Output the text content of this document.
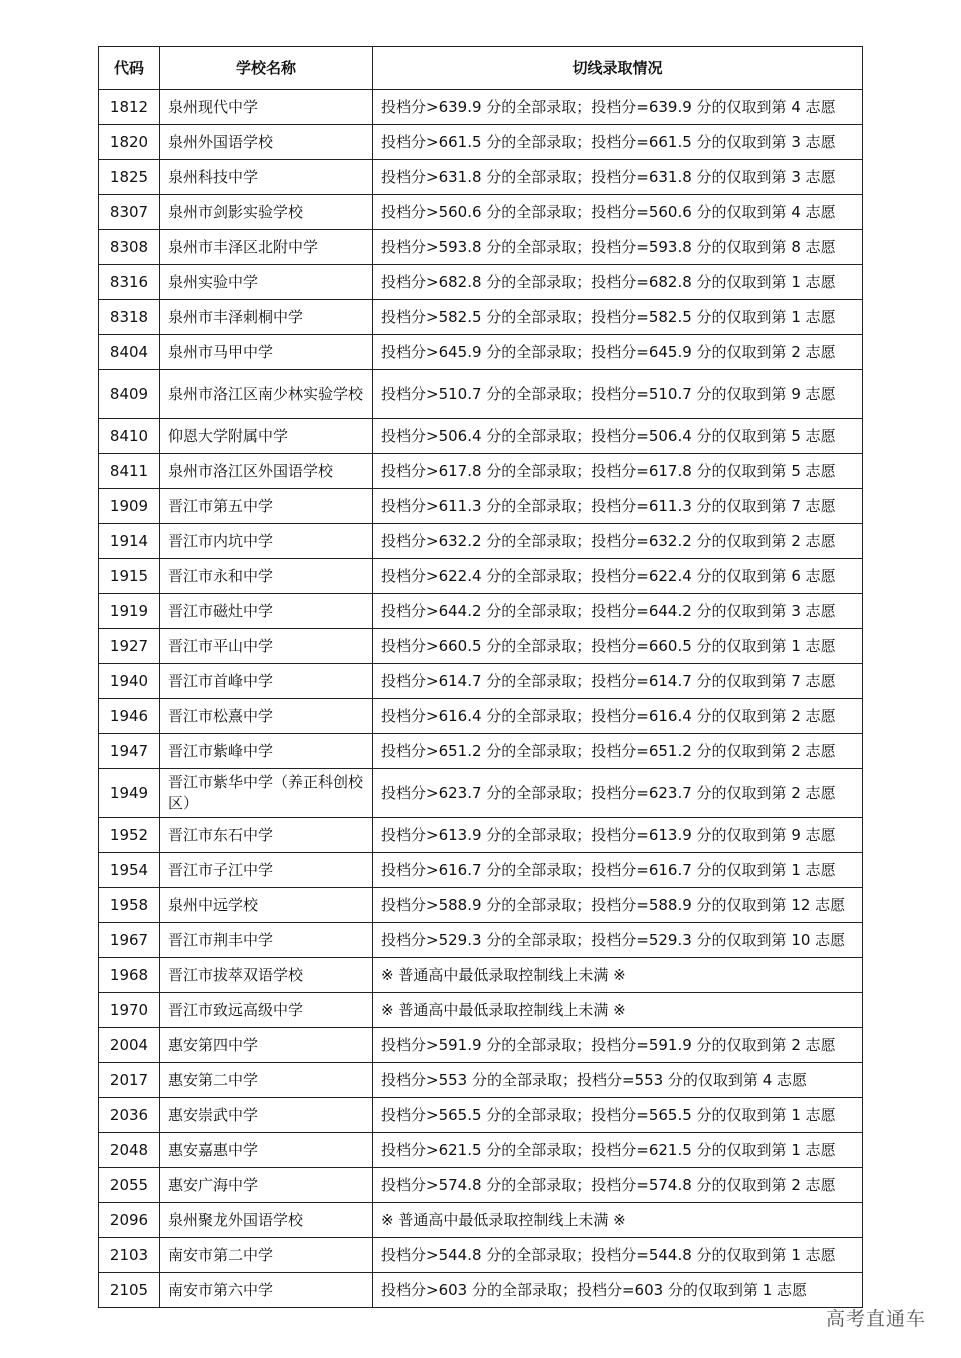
代码	学校名称	切线录取情况
1812	泉州现代中学	投档分>639.9 分的全部录取；投档分=639.9 分的仅取到第 4 志愿
1820	泉州外国语学校	投档分>661.5 分的全部录取；投档分=661.5 分的仅取到第 3 志愿
1825	泉州科技中学	投档分>631.8 分的全部录取；投档分=631.8 分的仅取到第 3 志愿
8307	泉州市剑影实验学校	投档分>560.6 分的全部录取；投档分=560.6 分的仅取到第 4 志愿
8308	泉州市丰泽区北附中学	投档分>593.8 分的全部录取；投档分=593.8 分的仅取到第 8 志愿
8316	泉州实验中学	投档分>682.8 分的全部录取；投档分=682.8 分的仅取到第 1 志愿
8318	泉州市丰泽刺桐中学	投档分>582.5 分的全部录取；投档分=582.5 分的仅取到第 1 志愿
8404	泉州市马甲中学	投档分>645.9 分的全部录取；投档分=645.9 分的仅取到第 2 志愿
8409	泉州市洛江区南少林实验学校	投档分>510.7 分的全部录取；投档分=510.7 分的仅取到第 9 志愿
8410	仰恩大学附属中学	投档分>506.4 分的全部录取；投档分=506.4 分的仅取到第 5 志愿
8411	泉州市洛江区外国语学校	投档分>617.8 分的全部录取；投档分=617.8 分的仅取到第 5 志愿
1909	晋江市第五中学	投档分>611.3 分的全部录取；投档分=611.3 分的仅取到第 7 志愿
1914	晋江市内坑中学	投档分>632.2 分的全部录取；投档分=632.2 分的仅取到第 2 志愿
1915	晋江市永和中学	投档分>622.4 分的全部录取；投档分=622.4 分的仅取到第 6 志愿
1919	晋江市磁灶中学	投档分>644.2 分的全部录取；投档分=644.2 分的仅取到第 3 志愿
1927	晋江市平山中学	投档分>660.5 分的全部录取；投档分=660.5 分的仅取到第 1 志愿
1940	晋江市首峰中学	投档分>614.7 分的全部录取；投档分=614.7 分的仅取到第 7 志愿
1946	晋江市松熹中学	投档分>616.4 分的全部录取；投档分=616.4 分的仅取到第 2 志愿
1947	晋江市紫峰中学	投档分>651.2 分的全部录取；投档分=651.2 分的仅取到第 2 志愿
1949	晋江市紫华中学（养正科创校区）	投档分>623.7 分的全部录取；投档分=623.7 分的仅取到第 2 志愿
1952	晋江市东石中学	投档分>613.9 分的全部录取；投档分=613.9 分的仅取到第 9 志愿
1954	晋江市子江中学	投档分>616.7 分的全部录取；投档分=616.7 分的仅取到第 1 志愿
1958	泉州中远学校	投档分>588.9 分的全部录取；投档分=588.9 分的仅取到第 12 志愿
1967	晋江市荆丰中学	投档分>529.3 分的全部录取；投档分=529.3 分的仅取到第 10 志愿
1968	晋江市拔萃双语学校	※ 普通高中最低录取控制线上未满 ※
1970	晋江市致远高级中学	※ 普通高中最低录取控制线上未满 ※
2004	惠安第四中学	投档分>591.9 分的全部录取；投档分=591.9 分的仅取到第 2 志愿
2017	惠安第二中学	投档分>553 分的全部录取；投档分=553 分的仅取到第 4 志愿
2036	惠安崇武中学	投档分>565.5 分的全部录取；投档分=565.5 分的仅取到第 1 志愿
2048	惠安嘉惠中学	投档分>621.5 分的全部录取；投档分=621.5 分的仅取到第 1 志愿
2055	惠安广海中学	投档分>574.8 分的全部录取；投档分=574.8 分的仅取到第 2 志愿
2096	泉州聚龙外国语学校	※ 普通高中最低录取控制线上未满 ※
2103	南安市第二中学	投档分>544.8 分的全部录取；投档分=544.8 分的仅取到第 1 志愿
2105	南安市第六中学	投档分>603 分的全部录取；投档分=603 分的仅取到第 1 志愿
高考直通车
